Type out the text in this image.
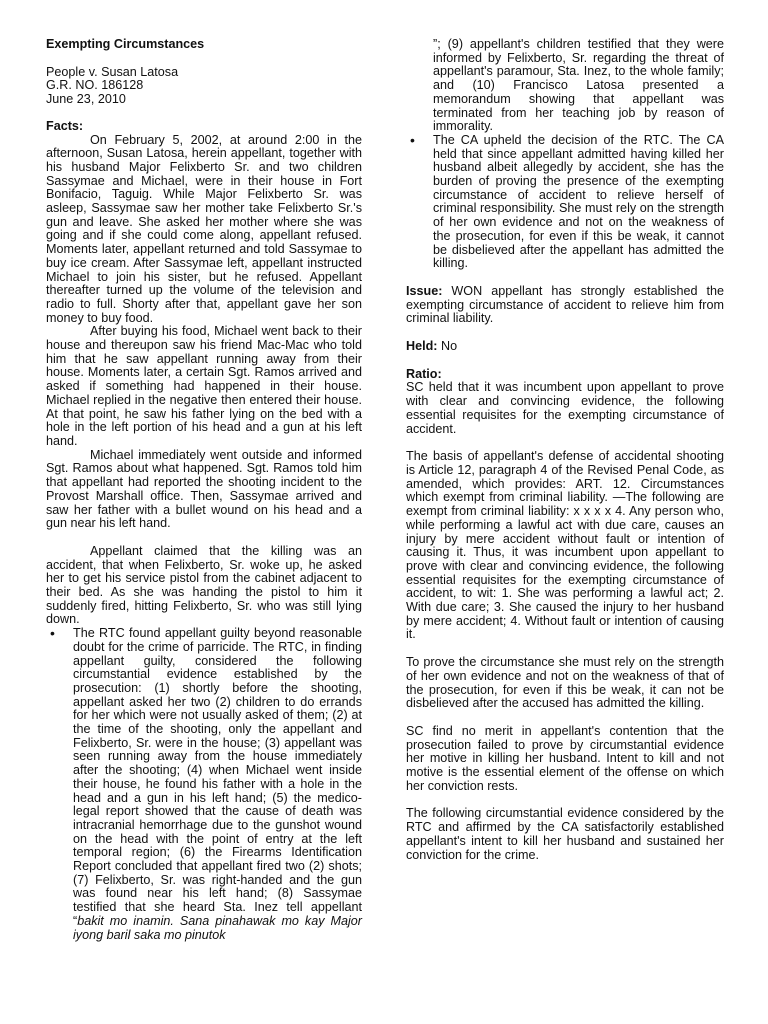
Exempting Circumstances

People v. Susan Latosa

G.R. NO. 186128

June 23, 2010

Facts:

On February 5, 2002, at around 2:00 in the afternoon, Susan Latosa, herein appellant, together with his husband Major Felixberto Sr. and two children Sassymae and Michael, were in their house in Fort Bonifacio, Taguig. While Major Felixberto Sr. was asleep, Sassymae saw her mother take Felixberto Sr.'s gun and leave. She asked her mother where she was going and if she could come along, appellant refused. Moments later, appellant returned and told Sassymae to buy ice cream. After Sassymae left, appellant instructed Michael to join his sister, but he refused. Appellant thereafter turned up the volume of the television and radio to full. Shorty after that, appellant gave her son money to buy food.

After buying his food, Michael went back to their house and thereupon saw his friend Mac-Mac who told him that he saw appellant running away from their house. Moments later, a certain Sgt. Ramos arrived and asked if something had happened in their house. Michael replied in the negative then entered their house. At that point, he saw his father lying on the bed with a hole in the left portion of his head and a gun at his left hand.

Michael immediately went outside and informed Sgt. Ramos about what happened. Sgt. Ramos told him that appellant had reported the shooting incident to the Provost Marshall office. Then, Sassymae arrived and saw her father with a bullet wound on his head and a gun near his left hand.

Appellant claimed that the killing was an accident, that when Felixberto, Sr. woke up, he asked her to get his service pistol from the cabinet adjacent to their bed. As she was handing the pistol to him it suddenly fired, hitting Felixberto, Sr. who was still lying down.

• The RTC found appellant guilty beyond reasonable doubt for the crime of parricide. The RTC, in finding appellant guilty, considered the following circumstantial evidence established by the prosecution: (1) shortly before the shooting, appellant asked her two (2) children to do errands for her which were not usually asked of them; (2) at the time of the shooting, only the appellant and Felixberto, Sr. were in the house; (3) appellant was seen running away from the house immediately after the shooting; (4) when Michael went inside their house, he found his father with a hole in the head and a gun in his left hand; (5) the medico-legal report showed that the cause of death was intracranial hemorrhage due to the gunshot wound on the head with the point of entry at the left temporal region; (6) the Firearms Identification Report concluded that appellant fired two (2) shots; (7) Felixberto, Sr. was right-handed and the gun was found near his left hand; (8) Sassymae testified that she heard Sta. Inez tell appellant “bakit mo inamin. Sana pinahawak mo kay Major iyong baril saka mo pinutok

”; (9) appellant's children testified that they were informed by Felixberto, Sr. regarding the threat of appellant's paramour, Sta. Inez, to the whole family; and (10) Francisco Latosa presented a memorandum showing that appellant was terminated from her teaching job by reason of immorality.

• The CA upheld the decision of the RTC. The CA held that since appellant admitted having killed her husband albeit allegedly by accident, she has the burden of proving the presence of the exempting circumstance of accident to relieve herself of criminal responsibility. She must rely on the strength of her own evidence and not on the weakness of the prosecution, for even if this be weak, it cannot be disbelieved after the appellant has admitted the killing.

Issue: WON appellant has strongly established the exempting circumstance of accident to relieve him from criminal liability.

Held: No

Ratio:

SC held that it was incumbent upon appellant to prove with clear and convincing evidence, the following essential requisites for the exempting circumstance of accident.

The basis of appellant's defense of accidental shooting is Article 12, paragraph 4 of the Revised Penal Code, as amended, which provides: ART. 12. Circumstances which exempt from criminal liability. —The following are exempt from criminal liability: x x x x 4. Any person who, while performing a lawful act with due care, causes an injury by mere accident without fault or intention of causing it. Thus, it was incumbent upon appellant to prove with clear and convincing evidence, the following essential requisites for the exempting circumstance of accident, to wit: 1. She was performing a lawful act; 2. With due care; 3. She caused the injury to her husband by mere accident; 4. Without fault or intention of causing it.

To prove the circumstance she must rely on the strength of her own evidence and not on the weakness of that of the prosecution, for even if this be weak, it can not be disbelieved after the accused has admitted the killing.

SC find no merit in appellant's contention that the prosecution failed to prove by circumstantial evidence her motive in killing her husband. Intent to kill and not motive is the essential element of the offense on which her conviction rests.

The following circumstantial evidence considered by the RTC and affirmed by the CA satisfactorily established appellant's intent to kill her husband and sustained her conviction for the crime.
